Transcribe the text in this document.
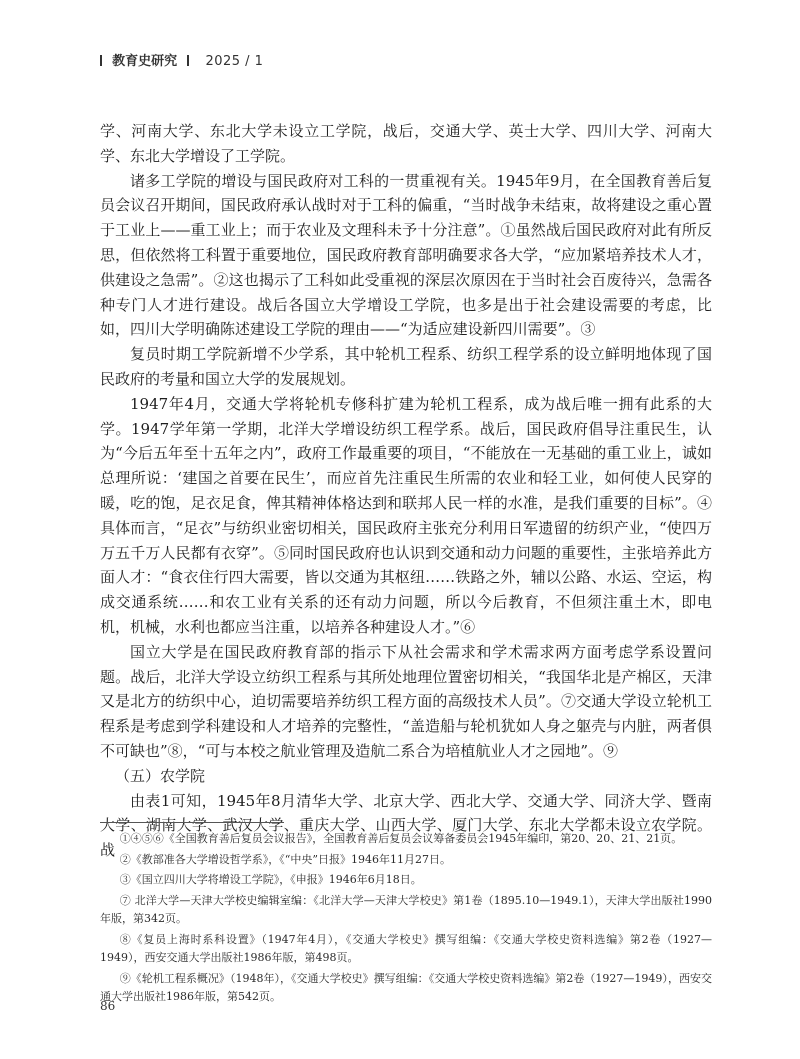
教育史研究 2025 / 1

学、河南大学、东北大学未设立工学院，战后，交通大学、英士大学、四川大学、河南大学、东北大学增设了工学院。

诸多工学院的增设与国民政府对工科的一贯重视有关。1945年9月，在全国教育善后复员会议召开期间，国民政府承认战时对于工科的偏重，“当时战争未结束，故将建设之重心置于工业上——重工业上；而于农业及文理科未予十分注意”。①虽然战后国民政府对此有所反思，但依然将工科置于重要地位，国民政府教育部明确要求各大学，“应加紧培养技术人才，供建设之急需”。②这也揭示了工科如此受重视的深层次原因在于当时社会百废待兴，急需各种专门人才进行建设。战后各国立大学增设工学院，也多是出于社会建设需要的考虑，比如，四川大学明确陈述建设工学院的理由——“为适应建设新四川需要”。③

复员时期工学院新增不少学系，其中轮机工程系、纺织工程学系的设立鲜明地体现了国民政府的考量和国立大学的发展规划。

1947年4月，交通大学将轮机专修科扩建为轮机工程系，成为战后唯一拥有此系的大学。1947学年第一学期，北洋大学增设纺织工程学系。战后，国民政府倡导注重民生，认为“今后五年至十五年之内”，政府工作最重要的项目，“不能放在一无基础的重工业上，诚如总理所说：‘建国之首要在民生’，而应首先注重民生所需的农业和轻工业，如何使人民穿的暖，吃的饱，足衣足食，俾其精神体格达到和联邦人民一样的水准，是我们重要的目标”。④具体而言，“足衣”与纺织业密切相关，国民政府主张充分利用日军遗留的纺织产业，“使四万万五千万人民都有衣穿”。⑤同时国民政府也认识到交通和动力问题的重要性，主张培养此方面人才：“食衣住行四大需要，皆以交通为其枢纽……铁路之外，辅以公路、水运、空运，构成交通系统……和农工业有关系的还有动力问题，所以今后教育，不但须注重土木，即电机，机械，水利也都应当注重，以培养各种建设人才。”⑥

国立大学是在国民政府教育部的指示下从社会需求和学术需求两方面考虑学系设置问题。战后，北洋大学设立纺织工程系与其所处地理位置密切相关，“我国华北是产棉区，天津又是北方的纺织中心，迫切需要培养纺织工程方面的高级技术人员”。⑦交通大学设立轮机工程系是考虑到学科建设和人才培养的完整性，“盖造船与轮机犹如人身之躯壳与内脏，两者俱不可缺也”⑧，“可与本校之航业管理及造航二系合为培植航业人才之园地”。⑨

（五）农学院

由表1可知，1945年8月清华大学、北京大学、西北大学、交通大学、同济大学、暨南大学、湖南大学、武汉大学、重庆大学、山西大学、厦门大学、东北大学都未设立农学院。战

①④⑤⑥《全国教育善后复员会议报告》，全国教育善后复员会议筹备委员会1945年编印，第20、20、21、21页。

②《教部准各大学增设哲学系》，《“中央”日报》1946年11月27日。

③《国立四川大学将增设工学院》，《申报》1946年6月18日。

⑦ 北洋大学—天津大学校史编辑室编：《北洋大学—天津大学校史》第1卷（1895.10—1949.1），天津大学出版社1990年版，第342页。

⑧《复员上海时系科设置》（1947年4月），《交通大学校史》撰写组编：《交通大学校史资料选编》第2卷（1927—1949），西安交通大学出版社1986年版，第498页。

⑨《轮机工程系概况》（1948年），《交通大学校史》撰写组编：《交通大学校史资料选编》第2卷（1927—1949），西安交通大学出版社1986年版，第542页。

86
